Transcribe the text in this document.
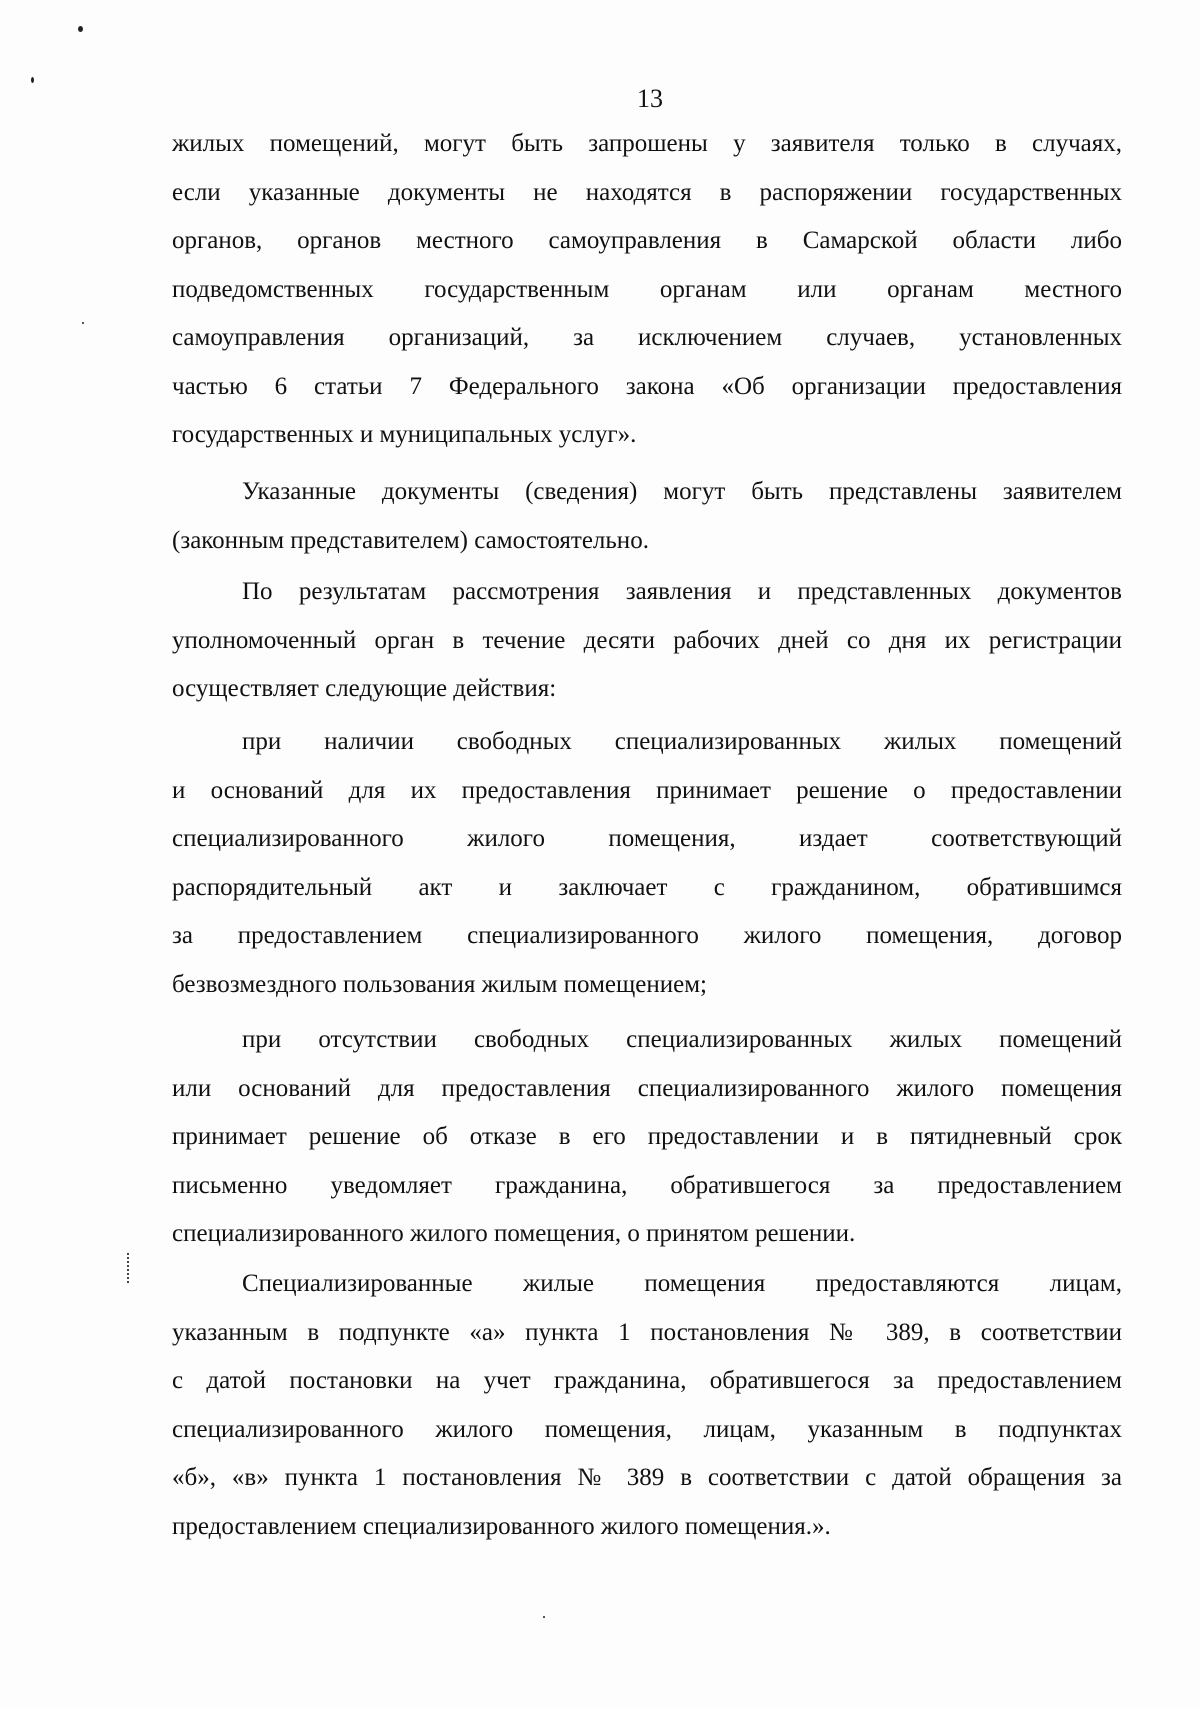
13
жилых помещений, могут быть запрошены у заявителя только в случаях,
если указанные документы не находятся в распоряжении государственных
органов, органов местного самоуправления в Самарской области либо
подведомственных государственным органам или органам местного
самоуправления организаций, за исключением случаев, установленных
частью 6 статьи 7 Федерального закона «Об организации предоставления
государственных и муниципальных услуг».
Указанные документы (сведения) могут быть представлены заявителем
(законным представителем) самостоятельно.
По результатам рассмотрения заявления и представленных документов
уполномоченный орган в течение десяти рабочих дней со дня их регистрации
осуществляет следующие действия:
при наличии свободных специализированных жилых помещений
и оснований для их предоставления принимает решение о предоставлении
специализированного жилого помещения, издает соответствующий
распорядительный акт и заключает с гражданином, обратившимся
за предоставлением специализированного жилого помещения, договор
безвозмездного пользования жилым помещением;
при отсутствии свободных специализированных жилых помещений
или оснований для предоставления специализированного жилого помещения
принимает решение об отказе в его предоставлении и в пятидневный срок
письменно уведомляет гражданина, обратившегося за предоставлением
специализированного жилого помещения, о принятом решении.
Специализированные жилые помещения предоставляются лицам,
указанным в подпункте «а» пункта 1 постановления № 389, в соответствии
с датой постановки на учет гражданина, обратившегося за предоставлением
специализированного жилого помещения, лицам, указанным в подпунктах
«б», «в» пункта 1 постановления № 389 в соответствии с датой обращения за
предоставлением специализированного жилого помещения.».
